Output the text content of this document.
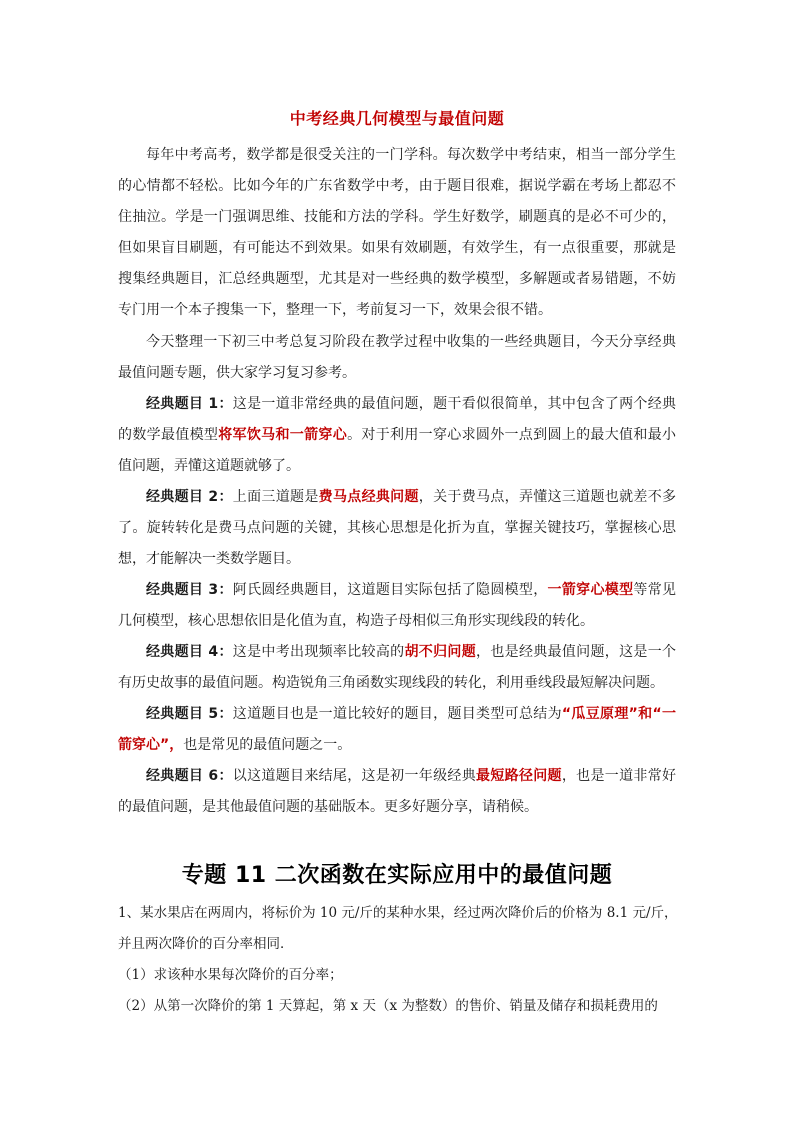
中考经典几何模型与最值问题

每年中考高考，数学都是很受关注的一门学科。每次数学中考结束，相当一部分学生的心情都不轻松。比如今年的广东省数学中考，由于题目很难，据说学霸在考场上都忍不住抽泣。学是一门强调思维、技能和方法的学科。学生好数学，刷题真的是必不可少的，但如果盲目刷题，有可能达不到效果。如果有效刷题，有效学生，有一点很重要，那就是搜集经典题目，汇总经典题型，尤其是对一些经典的数学模型，多解题或者易错题，不妨专门用一个本子搜集一下，整理一下，考前复习一下，效果会很不错。

今天整理一下初三中考总复习阶段在教学过程中收集的一些经典题目，今天分享经典最值问题专题，供大家学习复习参考。

经典题目 1：这是一道非常经典的最值问题，题干看似很简单，其中包含了两个经典的数学最值模型将军饮马和一箭穿心。对于利用一穿心求圆外一点到圆上的最大值和最小值问题，弄懂这道题就够了。

经典题目 2：上面三道题是费马点经典问题，关于费马点，弄懂这三道题也就差不多了。旋转转化是费马点问题的关键，其核心思想是化折为直，掌握关键技巧，掌握核心思想，才能解决一类数学题目。

经典题目 3：阿氏圆经典题目，这道题目实际包括了隐圆模型，一箭穿心模型等常见几何模型，核心思想依旧是化值为直，构造子母相似三角形实现线段的转化。

经典题目 4：这是中考出现频率比较高的胡不归问题，也是经典最值问题，这是一个有历史故事的最值问题。构造锐角三角函数实现线段的转化，利用垂线段最短解决问题。

经典题目 5：这道题目也是一道比较好的题目，题目类型可总结为“瓜豆原理”和“一箭穿心”，也是常见的最值问题之一。

经典题目 6：以这道题目来结尾，这是初一年级经典最短路径问题，也是一道非常好的最值问题，是其他最值问题的基础版本。更多好题分享，请稍候。

专题 11 二次函数在实际应用中的最值问题

1、某水果店在两周内，将标价为 10 元/斤的某种水果，经过两次降价后的价格为 8.1 元/斤，并且两次降价的百分率相同．

（1）求该种水果每次降价的百分率；

（2）从第一次降价的第 1 天算起，第 x 天（x 为整数）的售价、销量及储存和损耗费用的
